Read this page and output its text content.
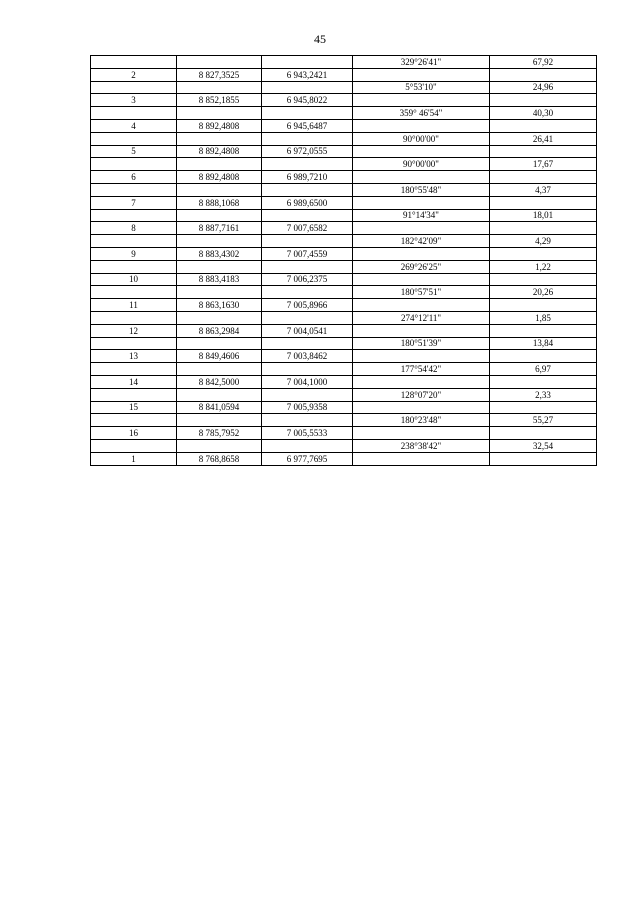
45
			329°26'41"	67,92
2	8 827,3525	6 943,2421		
			5°53'10"	24,96
3	8 852,1855	6 945,8022		
			359° 46'54"	40,30
4	8 892,4808	6 945,6487		
			90°00'00"	26,41
5	8 892,4808	6 972,0555		
			90°00'00"	17,67
6	8 892,4808	6 989,7210		
			180°55'48"	4,37
7	8 888,1068	6 989,6500		
			91°14'34"	18,01
8	8 887,7161	7 007,6582		
			182°42'09"	4,29
9	8 883,4302	7 007,4559		
			269°26'25"	1,22
10	8 883,4183	7 006,2375		
			180°57'51"	20,26
11	8 863,1630	7 005,8966		
			274°12'11"	1,85
12	8 863,2984	7 004,0541		
			180°51'39"	13,84
13	8 849,4606	7 003,8462		
			177°54'42"	6,97
14	8 842,5000	7 004,1000		
			128°07'20"	2,33
15	8 841,0594	7 005,9358		
			180°23'48"	55,27
16	8 785,7952	7 005,5533		
			238°38'42"	32,54
1	8 768,8658	6 977,7695		
